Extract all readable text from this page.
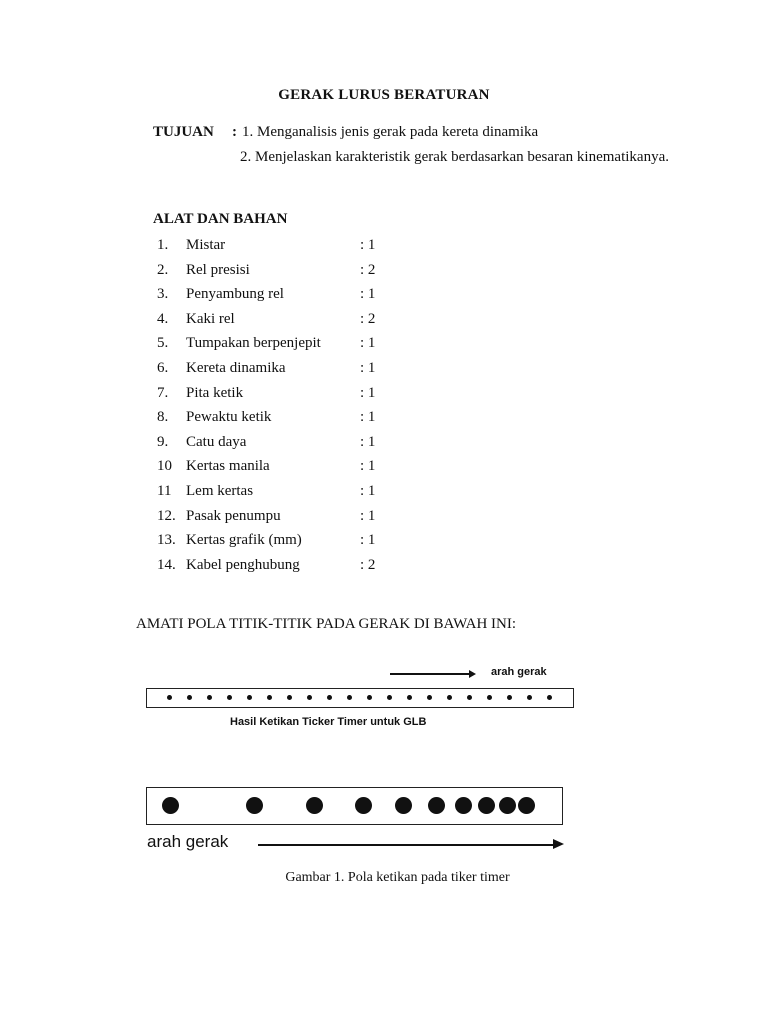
GERAK LURUS BERATURAN
TUJUAN : 1. Menganalisis jenis gerak pada kereta dinamika
2. Menjelaskan karakteristik gerak berdasarkan besaran kinematikanya.
ALAT DAN BAHAN
1. Mistar	: 1
2. Rel presisi	: 2
3. Penyambung rel	: 1
4. Kaki rel	: 2
5. Tumpakan berpenjepit	: 1
6. Kereta dinamika	: 1
7. Pita ketik	: 1
8. Pewaktu ketik	: 1
9. Catu daya	: 1
10 Kertas manila	: 1
11 Lem kertas	: 1
12. Pasak penumpu	: 1
13. Kertas grafik (mm)	: 1
14. Kabel penghubung	: 2
AMATI POLA TITIK-TITIK PADA GERAK DI BAWAH INI:
arah gerak
Hasil Ketikan Ticker Timer untuk GLB
arah gerak
Gambar 1. Pola ketikan pada tiker timer
